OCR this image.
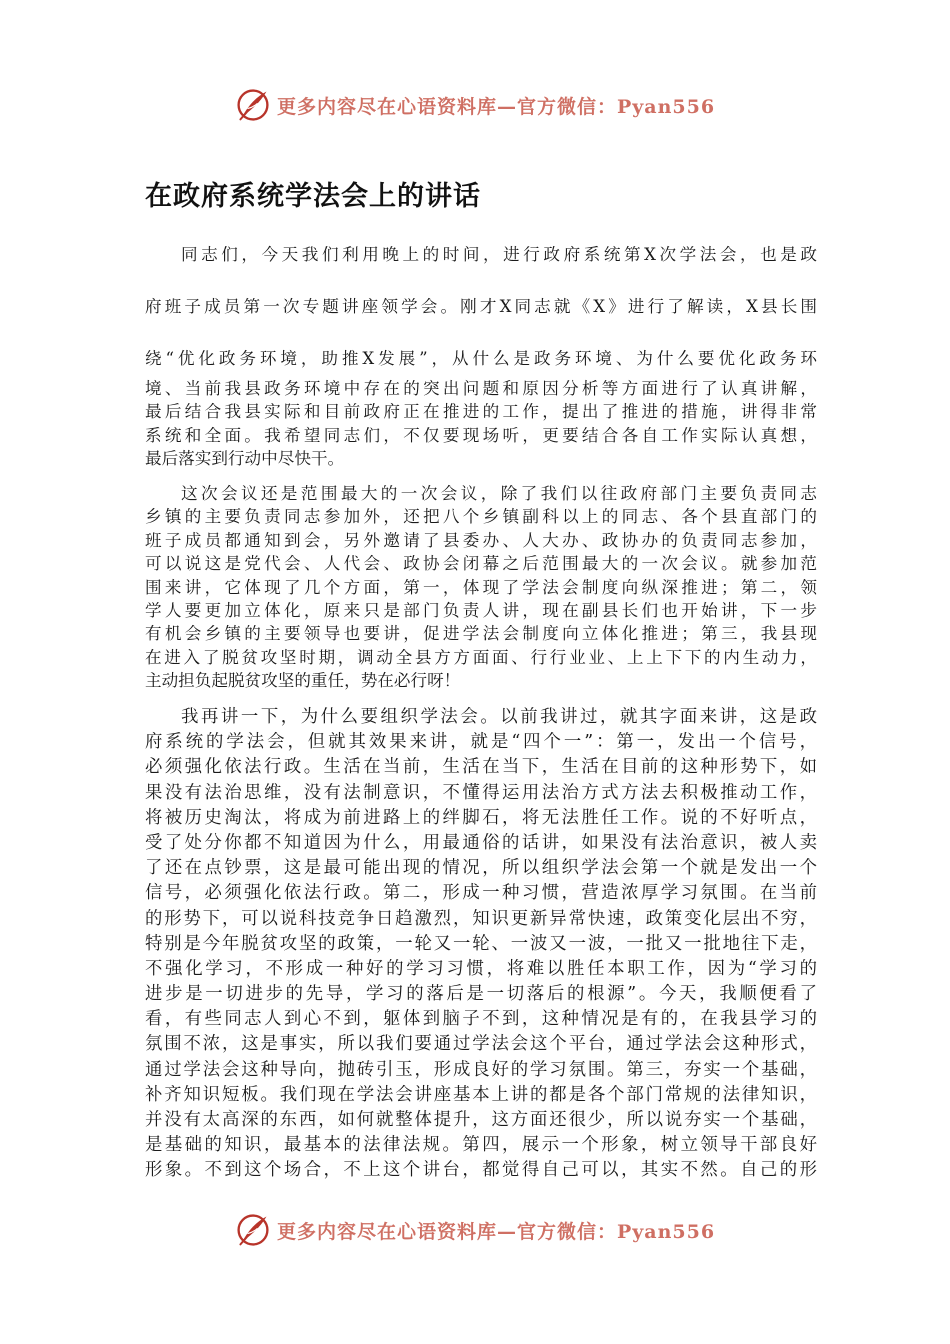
更多内容尽在心语资料库—官方微信：Pyan556
在政府系统学法会上的讲话
同志们，今天我们利用晚上的时间，进行政府系统第X次学法会，也是政
府班子成员第一次专题讲座领学会。刚才X同志就《X》进行了解读，X县长围
绕“优化政务环境，助推X发展”，从什么是政务环境、为什么要优化政务环
境、当前我县政务环境中存在的突出问题和原因分析等方面进行了认真讲解，
最后结合我县实际和目前政府正在推进的工作，提出了推进的措施，讲得非常
系统和全面。我希望同志们，不仅要现场听，更要结合各自工作实际认真想，
最后落实到行动中尽快干。
这次会议还是范围最大的一次会议，除了我们以往政府部门主要负责同志
乡镇的主要负责同志参加外，还把八个乡镇副科以上的同志、各个县直部门的
班子成员都通知到会，另外邀请了县委办、人大办、政协办的负责同志参加，
可以说这是党代会、人代会、政协会闭幕之后范围最大的一次会议。就参加范
围来讲，它体现了几个方面，第一，体现了学法会制度向纵深推进；第二，领
学人要更加立体化，原来只是部门负责人讲，现在副县长们也开始讲，下一步
有机会乡镇的主要领导也要讲，促进学法会制度向立体化推进；第三，我县现
在进入了脱贫攻坚时期，调动全县方方面面、行行业业、上上下下的内生动力，
主动担负起脱贫攻坚的重任，势在必行呀！
我再讲一下，为什么要组织学法会。以前我讲过，就其字面来讲，这是政
府系统的学法会，但就其效果来讲，就是“四个一”：第一，发出一个信号，
必须强化依法行政。生活在当前，生活在当下，生活在目前的这种形势下，如
果没有法治思维，没有法制意识，不懂得运用法治方式方法去积极推动工作，
将被历史淘汰，将成为前进路上的绊脚石，将无法胜任工作。说的不好听点，
受了处分你都不知道因为什么，用最通俗的话讲，如果没有法治意识，被人卖
了还在点钞票，这是最可能出现的情况，所以组织学法会第一个就是发出一个
信号，必须强化依法行政。第二，形成一种习惯，营造浓厚学习氛围。在当前
的形势下，可以说科技竞争日趋激烈，知识更新异常快速，政策变化层出不穷，
特别是今年脱贫攻坚的政策，一轮又一轮、一波又一波，一批又一批地往下走，
不强化学习，不形成一种好的学习习惯，将难以胜任本职工作，因为“学习的
进步是一切进步的先导，学习的落后是一切落后的根源”。今天，我顺便看了
看，有些同志人到心不到，躯体到脑子不到，这种情况是有的，在我县学习的
氛围不浓，这是事实，所以我们要通过学法会这个平台，通过学法会这种形式，
通过学法会这种导向，抛砖引玉，形成良好的学习氛围。第三，夯实一个基础，
补齐知识短板。我们现在学法会讲座基本上讲的都是各个部门常规的法律知识，
并没有太高深的东西，如何就整体提升，这方面还很少，所以说夯实一个基础，
是基础的知识，最基本的法律法规。第四，展示一个形象，树立领导干部良好
形象。不到这个场合，不上这个讲台，都觉得自己可以，其实不然。自己的形
更多内容尽在心语资料库—官方微信：Pyan556
